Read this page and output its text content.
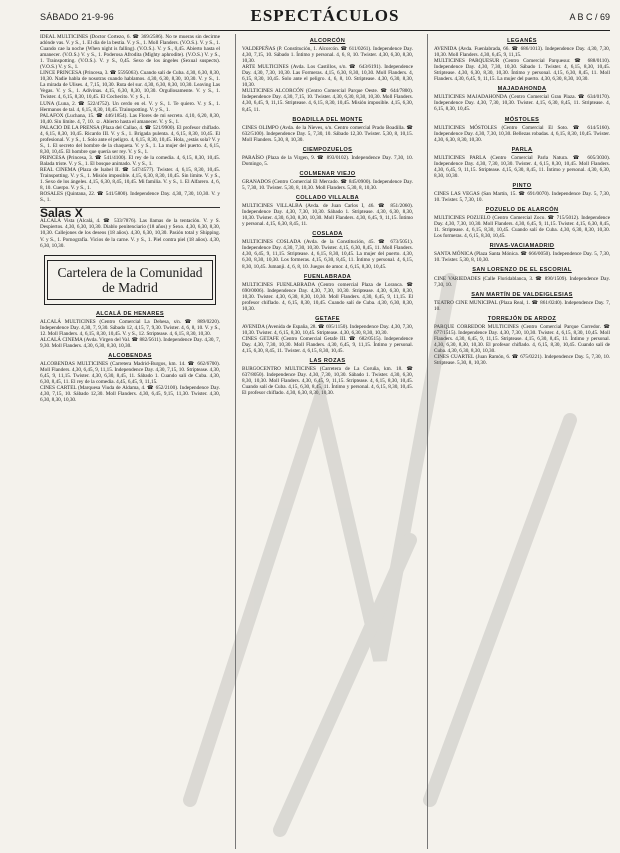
SÁBADO 21-9-96	ESPECTÁCULOS	A B C / 69

IDEAL MULTICINES (Doctor Cortezo, 6. ☎ 369/2586). No te mueras sin decirme adónde vas. V. y S., 1. El día de la bestia. V. y S., 1. Moll Flanders. (V.O.S.). V. y S., 1. Cuando cae la noche (When night is falling). (V.O.S.). V. y S., 0,45. Abierto hasta el amanecer. (V.O.S.) V. y S., 1. Poderosa Afrodita (Mighty aphrodite). (V.O.S.) V. y S., 1. Trainspotting. (V.O.S.). V. y S., 0,45. Sexo de los ángeles (Sexual suspects). (V.O.S.) V. y S., 1.

LINCE PRINCESA (Princesa, 3. ☎ 5595063). Cuando salí de Cuba. 4,30, 6,30, 8,30, 10,30. Nadie habla de nosotras cuando hablamos. 4,30, 6,30, 8,30, 10,30. V. y S., 1. La mirada de Ulises. 4, 7,15, 10,30. Ruta del sur. 4,30, 6,30, 8,30, 10,30. Leaving Las Vegas. V. y S., 1. Adivinas. 4,15, 6,30, 8,30, 10,30. Orgullosamente. V. y S., 1. Twister. 4, 6,15, 8,30, 10,45. El Cochecito. V. y S., 1.

LUNA (Luna, 2. ☎ 522/4752). Un cerdo en el. V. y S., 1. Te quiero. V. y S., 1. Hermanos de tal. 4, 6,15, 8,30, 10,45. Trainspotting. V. y S., 1.

PALAFOX (Luchana, 15. ☎ 446/1854). Las Flores de mi secreto. 4,10, 6,20, 8,30, 10,40. Sin límite. 4, 7, 10. ☺. Abierto hasta el amanecer. V. y S., 1.

PALACIO DE LA PRENSA (Plaza del Callao, 4. ☎ 521/9900). El profesor chiflado. 4, 6,15, 8,30, 10,45. Ricardo III. V. y S., 1. Brigada pulenta. 4, 6,15, 8,30, 10,45. El profesional. V. y S., 1. Solo ante el peligro. 4, 6,15, 8,30, 10,45. Hola, ¿estás sola? V. y S., 1. El secreto del hombre de la chaqueta. V. y S., 1. La mujer del puerto. 4, 6,15, 8,30, 10,45. El hombre que quería ser rey. V. y S., 1.

PRINCESA (Princesa, 3. ☎ 541/4100). El rey de la comedia. 4, 6,15, 8,30, 10,45. Balada triste. V. y S., 1. El bosque animado. V. y S., 1.

REAL CINEMA (Plaza de Isabel II. ☎ 547/4577). Twister. 4, 6,15, 8,30, 10,45. Trainspotting. V. y S., 1. Misión imposible. 4,15, 6,30, 8,30, 10,45. Sin límite. V. y S., 1. Sexo de los ángeles. 4,15, 6,30, 8,45, 10,45. Mi familia. V. y S., 1. El Alfarero. 4, 6, 8, 10. Cuerpo. V. y S., 1.

ROSALES (Quintana, 22. ☎ 541/5800). Independence Day. 4,30, 7,30, 10,30. V. y S., 1.

Salas X

ALCALÁ Vista (Alcalá, 4. ☎ 533/7876). Las llamas de la tentación. V. y S. Despiertos. 4,30, 6,30, 10,30. Diablo penitenciario (18 años) y Sexo. 4,30, 6,30, 8,30, 10,30. Callejones de los deseos (18 años). 4,30, 6,30, 10,30. Pasión total y Shipping. V. y S., 1. Pornografía. Vicios de la carne. V. y S., 1. Piel contra piel (18 años). 4,30, 6,30, 10,30.

Cartelera de la Comunidad de Madrid
ALCALÁ DE HENARES

ALCALÁ MULTICINES (Centro Comercial La Dehesa, s/n. ☎ 889/0220). Independence Day. 4,30, 7, 9,30. Sábado 12, 4,15, 7, 9,30. Twister. 4, 6, 8, 10. V. y S., 12. Moll Flanders. 4, 6,15, 8,30, 10,45. V. y S., 12. Striptease. 4, 6,15, 8,30, 10,30.

ALCALÁ CINEMA (Avda. Virgen del Val. ☎ 882/5611). Independence Day. 4,30, 7, 9,30. Moll Flanders. 4,30, 6,30, 8,30, 10,30.

ALCOBENDAS

ALCOBENDAS MULTICINES (Carretera Madrid-Burgos, km. 14. ☎ 662/6700). Moll Flanders. 4,30, 6,45, 9, 11,15. Independence Day. 4,30, 7,15, 10. Striptease. 4,30, 6,45, 9, 11,15. Twister. 4,30, 6,30, 8,45, 11. Sábado 1. Cuando salí de Cuba. 4,30, 6,30, 8,45, 11. El rey de la comedia. 4,45, 6,45, 9, 11,15.

CINES CARTEL (Marquesa Viuda de Aldama, 4. ☎ 652/2100). Independence Day. 4,30, 7,15, 10. Sábado 12,30. Moll Flanders. 4,30, 6,45, 9,15, 11,30. Twister. 4,30, 6,30, 8,30, 10,30.

ALCORCÓN

VALDEPEÑAS (P. Constitución, 1. Alcorcón. ☎ 611/0261). Independence Day. 4,30, 7,15, 10. Sábado 1. Íntimo y personal. 4, 6, 8, 10. Twister. 4,30, 6,30, 8,30, 10,30.

ARTE MULTICINES (Avda. Los Castillos, s/n. ☎ 643/6191). Independence Day. 4,30, 7,30, 10,30. Las Formeras. 4,15, 6,30, 8,30, 10,30. Moll Flanders. 4, 6,15, 8,30, 10,45. Solo ante el peligro. 4, 6, 8, 10. Striptease. 4,30, 6,30, 8,30, 10,30.

MULTICINES ALCORCÓN (Centro Comercial Parque Oeste. ☎ 644/7800). Independence Day. 4,30, 7,15, 10. Twister. 4,30, 6,30, 8,30, 10,30. Moll Flanders. 4,30, 6,45, 9, 11,15. Striptease. 4, 6,15, 8,30, 10,45. Misión imposible. 4,15, 6,30, 8,45, 11.

BOADILLA DEL MONTE

CINES OLIMPO (Avda. de la Nieves, s/n. Centro comercial Prado Boadilla. ☎ 632/5100). Independence Day. 5, 7,30, 10. Sábado 12,30. Twister. 5,30, 8, 10,15. Moll Flanders. 5,30, 8, 10,30.

CIEMPOZUELOS

PARAÍSO (Plaza de la Virgen, 9. ☎ 893/0102). Independence Day. 7,30, 10. Domingo, 5.

COLMENAR VIEJO

GRANADOS (Centro Comercial El Mercado. ☎ 845/0900). Independence Day. 5, 7,30, 10. Twister. 5,30, 8, 10,30. Moll Flanders. 5,30, 8, 10,30.

COLLADO VILLALBA

MULTICINES VILLALBA (Avda. de Juan Carlos I, 46. ☎ 851/2060). Independence Day. 4,30, 7,30, 10,30. Sábado 1. Striptease. 4,30, 6,30, 8,30, 10,30. Twister. 4,30, 6,30, 8,30, 10,30. Moll Flanders. 4,30, 6,45, 9, 11,15. Íntimo y personal. 4,15, 6,30, 8,45, 11.

COSLADA

MULTICINES COSLADA (Avda. de la Constitución, 45. ☎ 673/5051). Independence Day. 4,30, 7,30, 10,30. Twister. 4,15, 6,30, 8,45, 11. Moll Flanders. 4,30, 6,45, 9, 11,15. Striptease. 4, 6,15, 8,30, 10,45. La mujer del puerto. 4,30, 6,30, 8,30, 10,30. Los formeras. 4,15, 6,30, 8,45, 11. Íntimo y personal. 4, 6,15, 8,30, 10,45. Jumanji. 4, 6, 8, 10. Juegos de amor. 4, 6,15, 8,30, 10,45.

FUENLABRADA

MULTICINES FUENLABRADA (Centro comercial Plaza de Loranca. ☎ 690/0006). Independence Day. 4,30, 7,30, 10,30. Striptease. 4,30, 6,30, 8,30, 10,30. Twister. 4,30, 6,30, 8,30, 10,30. Moll Flanders. 4,30, 6,45, 9, 11,15. El profesor chiflado. 4, 6,15, 8,30, 10,45. Cuando salí de Cuba. 4,30, 6,30, 8,30, 10,30.

GETAFE

AVENIDA (Avenida de España, 28. ☎ 695/1150). Independence Day. 4,30, 7,30, 10,30. Twister. 4, 6,15, 8,30, 10,45. Striptease. 4,30, 6,30, 8,30, 10,30.

CINES GETAFE (Centro Comercial Getafe III. ☎ 682/0515). Independence Day. 4,30, 7,30, 10,30. Moll Flanders. 4,30, 6,45, 9, 11,15. Íntimo y personal. 4,15, 6,30, 8,45, 11. Twister. 4, 6,15, 8,30, 10,45.

LAS ROZAS

BURGOCENTRO MULTICINES (Carretera de La Coruña, km. 18. ☎ 637/8050). Independence Day. 4,30, 7,30, 10,30. Sábado 1. Twister. 4,30, 6,30, 8,30, 10,30. Moll Flanders. 4,30, 6,45, 9, 11,15. Striptease. 4, 6,15, 8,30, 10,45. Cuando salí de Cuba. 4,15, 6,30, 8,45, 11. Íntimo y personal. 4, 6,15, 8,30, 10,45. El profesor chiflado. 4,30, 6,30, 8,30, 10,30.

LEGANÉS

AVENIDA (Avda. Fuenlabrada, 66. ☎ 686/1013). Independence Day. 4,30, 7,30, 10,30. Moll Flanders. 4,30, 6,45, 9, 11,15.

MULTICINES PARQUESUR (Centro Comercial Parquesur. ☎ 688/0110). Independence Day. 4,30, 7,30, 10,30. Sábado 1. Twister. 4, 6,15, 8,30, 10,45. Striptease. 4,30, 6,30, 8,30, 10,30. Íntimo y personal. 4,15, 6,30, 8,45, 11. Moll Flanders. 4,30, 6,45, 9, 11,15. La mujer del puerto. 4,30, 6,30, 8,30, 10,30.

MAJADAHONDA

MULTICINES MAJADAHONDA (Centro Comercial Gran Plaza. ☎ 634/0170). Independence Day. 4,30, 7,30, 10,30. Twister. 4,15, 6,30, 8,45, 11. Striptease. 4, 6,15, 8,30, 10,45.

MÓSTOLES

MULTICINES MÓSTOLES (Centro Comercial El Soto. ☎ 614/5160). Independence Day. 4,30, 7,30, 10,30. Bellezas robadas. 4, 6,15, 8,30, 10,45. Twister. 4,30, 6,30, 8,30, 10,30.

PARLA

MULTICINES PARLA (Centro Comercial Parla Natura. ☎ 605/3030). Independence Day. 4,30, 7,30, 10,30. Twister. 4, 6,15, 8,30, 10,45. Moll Flanders. 4,30, 6,45, 9, 11,15. Striptease. 4,15, 6,30, 8,45, 11. Íntimo y personal. 4,30, 6,30, 8,30, 10,30.

PINTO

CINES LAS VEGAS (San Martín, 15. ☎ 691/0070). Independence Day. 5, 7,30, 10. Twister. 5, 7,30, 10.

POZUELO DE ALARCÓN

MULTICINES POZUELO (Centro Comercial Zoco. ☎ 715/5012). Independence Day. 4,30, 7,30, 10,30. Moll Flanders. 4,30, 6,45, 9, 11,15. Twister. 4,15, 6,30, 8,45, 11. Striptease. 4, 6,15, 8,30, 10,45. Cuando salí de Cuba. 4,30, 6,30, 8,30, 10,30. Los formeras. 4, 6,15, 8,30, 10,45.

RIVAS-VACIAMADRID

SANTA MÓNICA (Plaza Santa Mónica. ☎ 666/0050). Independence Day. 5, 7,30, 10. Twister. 5,30, 8, 10,30.

SAN LORENZO DE EL ESCORIAL

CINE VARIEDADES (Calle Floridablanca, 3. ☎ 890/1509). Independence Day. 7,30, 10.

SAN MARTÍN DE VALDEIGLESIAS

TEATRO CINE MUNICIPAL (Plaza Real, 1. ☎ 861/0240). Independence Day. 7, 10.

TORREJÓN DE ARDOZ

PARQUE CORREDOR MULTICINES (Centro Comercial Parque Corredor. ☎ 677/1515). Independence Day. 4,30, 7,30, 10,30. Twister. 4, 6,15, 8,30, 10,45. Moll Flanders. 4,30, 6,45, 9, 11,15. Striptease. 4,15, 6,30, 8,45, 11. Íntimo y personal. 4,30, 6,30, 8,30, 10,30. El profesor chiflado. 4, 6,15, 8,30, 10,45. Cuando salí de Cuba. 4,30, 6,30, 8,30, 10,30.

CINES CUARTEL (Juan Ramón, 6. ☎ 675/0221). Independence Day. 5, 7,30, 10. Striptease. 5,30, 8, 10,30.
